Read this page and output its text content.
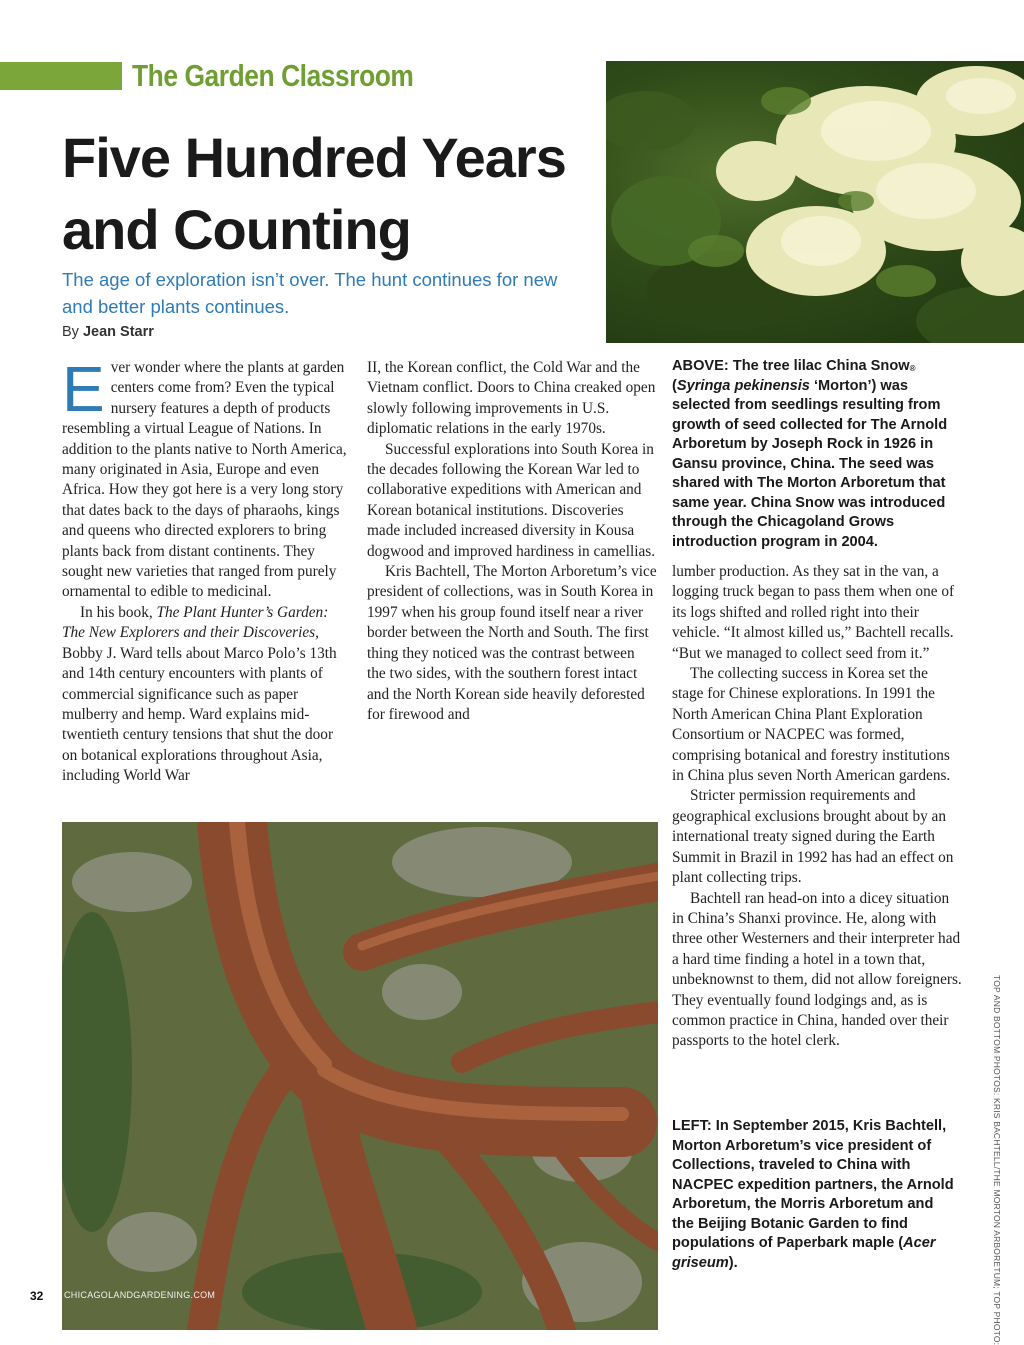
The Garden Classroom
Five Hundred Years
and Counting

The age of exploration isn’t over. The hunt continues for new and better plants continues.

By Jean Starr

Ever wonder where the plants at garden centers come from? Even the typical nursery features a depth of products resembling a virtual League of Nations. In addition to the plants native to North America, many originated in Asia, Europe and even Africa. How they got here is a very long story that dates back to the days of pharaohs, kings and queens who directed explorers to bring plants back from distant continents. They sought new varieties that ranged from purely ornamental to edible to medicinal.

In his book, The Plant Hunter’s Garden: The New Explorers and their Discoveries, Bobby J. Ward tells about Marco Polo’s 13th and 14th century encounters with plants of commercial significance such as paper mulberry and hemp. Ward explains mid-twentieth century tensions that shut the door on botanical explorations throughout Asia, including World War

II, the Korean conflict, the Cold War and the Vietnam conflict. Doors to China creaked open slowly following improvements in U.S. diplomatic relations in the early 1970s.

Successful explorations into South Korea in the decades following the Korean War led to collaborative expeditions with American and Korean botanical institutions. Discoveries made included increased diversity in Kousa dogwood and improved hardiness in camellias.

Kris Bachtell, The Morton Arboretum’s vice president of collections, was in South Korea in 1997 when his group found itself near a river border between the North and South. The first thing they noticed was the contrast between the two sides, with the southern forest intact and the North Korean side heavily deforested for firewood and

ABOVE: The tree lilac China Snow® (Syringa pekinensis ‘Morton’) was selected from seedlings resulting from growth of seed collected for The Arnold Arboretum by Joseph Rock in 1926 in Gansu province, China. The seed was shared with The Morton Arboretum that same year. China Snow was introduced through the Chicagoland Grows introduction program in 2004.

lumber production. As they sat in the van, a logging truck began to pass them when one of its logs shifted and rolled right into their vehicle. “It almost killed us,” Bachtell recalls. “But we managed to collect seed from it.”

The collecting success in Korea set the stage for Chinese explorations. In 1991 the North American China Plant Exploration Consortium or NACPEC was formed, comprising botanical and forestry institutions in China plus seven North American gardens.

Stricter permission requirements and geographical exclusions brought about by an international treaty signed during the Earth Summit in Brazil in 1992 has had an effect on plant collecting trips.

Bachtell ran head-on into a dicey situation in China’s Shanxi province. He, along with three other Westerners and their interpreter had a hard time finding a hotel in a town that, unbeknownst to them, did not allow foreigners. They eventually found lodgings and, as is common practice in China, handed over their passports to the hotel clerk.

LEFT: In September 2015, Kris Bachtell, Morton Arboretum’s vice president of Collections, traveled to China with NACPEC expedition partners, the Arnold Arboretum, the Morris Arboretum and the Beijing Botanic Garden to find populations of Paperbark maple (Acer griseum).	TOP AND BOTTOM PHOTOS: KRIS BACHTELL/THE MORTON ARBORETUM; TOP PHOTO:
32 CHICAGOLANDGARDENING.COM
